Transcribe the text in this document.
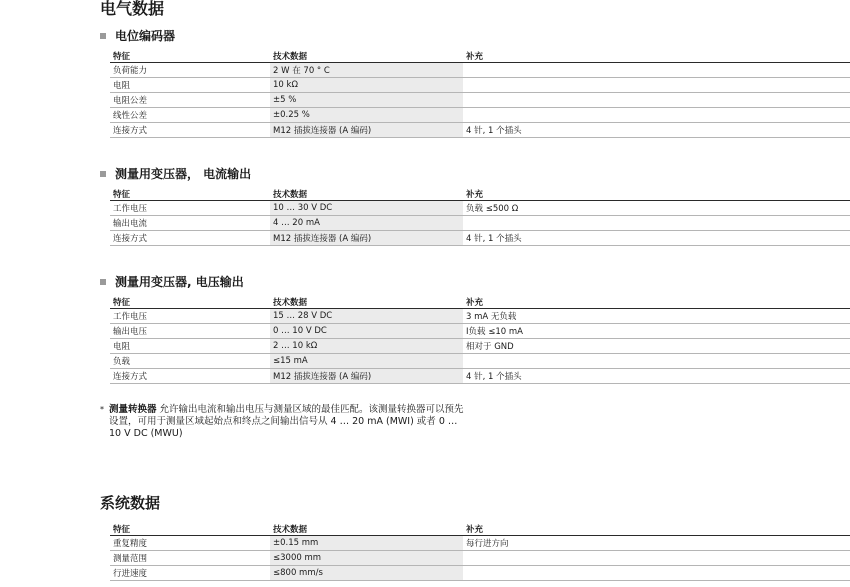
电气数据
电位编码器
特征	技术数据	补充
负荷能力	2 W 在 70 ° C	
电阻	10 kΩ	
电阻公差	±5 %	
线性公差	±0.25 %	
连接方式	M12 插拔连接器 (A 编码)	4 针, 1 个插头
测量用变压器， 电流输出
特征	技术数据	补充
工作电压	10 … 30 V DC	负载 ≤500 Ω
输出电流	4 … 20 mA	
连接方式	M12 插拔连接器 (A 编码)	4 针, 1 个插头
测量用变压器, 电压输出
特征	技术数据	补充
工作电压	15 … 28 V DC	3 mA 无负载
输出电压	0 … 10 V DC	I负载 ≤10 mA
电阻	2 … 10 kΩ	相对于 GND
负载	≤15 mA	
连接方式	M12 插拔连接器 (A 编码)	4 针, 1 个插头
* 测量转换器 允许输出电流和输出电压与测量区域的最佳匹配。该测量转换器可以预先设置，可用于测量区域起始点和终点之间输出信号从 4 … 20 mA (MWI) 或者 0 … 10 V DC (MWU)
系统数据
特征	技术数据	补充
重复精度	±0.15 mm	每行进方向
测量范围	≤3000 mm	
行进速度	≤800 mm/s	
